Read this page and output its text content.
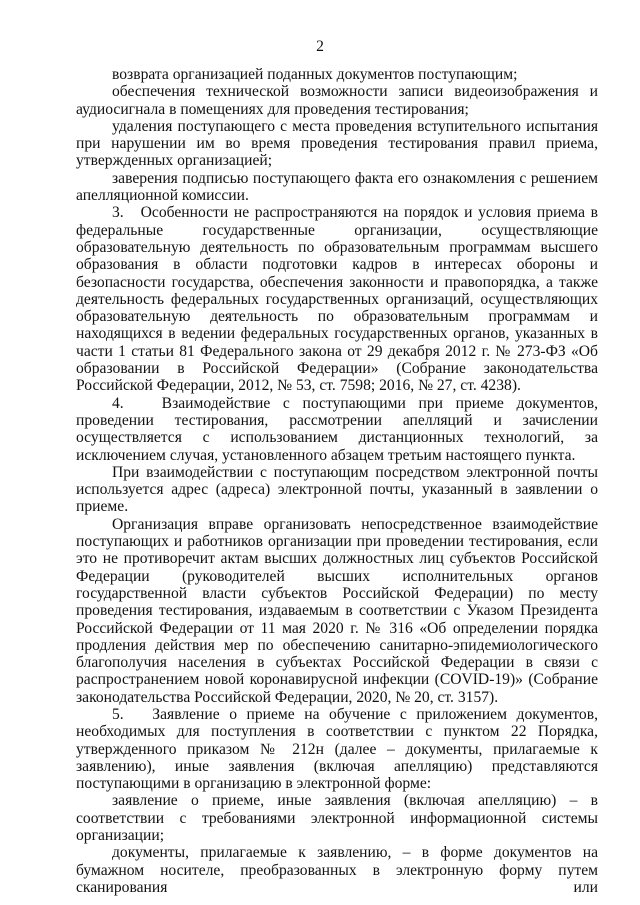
2

возврата организацией поданных документов поступающим;

обеспечения технической возможности записи видеоизображения и аудиосигнала в помещениях для проведения тестирования;

удаления поступающего с места проведения вступительного испытания при нарушении им во время проведения тестирования правил приема, утвержденных организацией;

заверения подписью поступающего факта его ознакомления с решением апелляционной комиссии.

3.   Особенности не распространяются на порядок и условия приема в федеральные государственные организации, осуществляющие образовательную деятельность по образовательным программам высшего образования в области подготовки кадров в интересах обороны и безопасности государства, обеспечения законности и правопорядка, а также деятельность федеральных государственных организаций, осуществляющих образовательную деятельность по образовательным программам и находящихся в ведении федеральных государственных органов, указанных в части 1 статьи 81 Федерального закона от 29 декабря 2012 г. № 273-ФЗ «Об образовании в Российской Федерации» (Собрание законодательства Российской Федерации, 2012, № 53, ст. 7598; 2016, № 27, ст. 4238).

4.   Взаимодействие с поступающими при приеме документов, проведении тестирования, рассмотрении апелляций и зачислении осуществляется с использованием дистанционных технологий, за исключением случая, установленного абзацем третьим настоящего пункта.

При взаимодействии с поступающим посредством электронной почты используется адрес (адреса) электронной почты, указанный в заявлении о приеме.

Организация вправе организовать непосредственное взаимодействие поступающих и работников организации при проведении тестирования, если это не противоречит актам высших должностных лиц субъектов Российской Федерации (руководителей высших исполнительных органов государственной власти субъектов Российской Федерации) по месту проведения тестирования, издаваемым в соответствии с Указом Президента Российской Федерации от 11 мая 2020 г. № 316 «Об определении порядка продления действия мер по обеспечению санитарно-эпидемиологического благополучия населения в субъектах Российской Федерации в связи с распространением новой коронавирусной инфекции (COVID-19)» (Собрание законодательства Российской Федерации, 2020, № 20, ст. 3157).

5.   Заявление о приеме на обучение с приложением документов, необходимых для поступления в соответствии с пунктом 22 Порядка, утвержденного приказом № 212н (далее – документы, прилагаемые к заявлению), иные заявления (включая апелляцию) представляются поступающими в организацию в электронной форме:

заявление о приеме, иные заявления (включая апелляцию) – в соответствии с требованиями электронной информационной системы организации;

документы, прилагаемые к заявлению, – в форме документов на бумажном носителе, преобразованных в электронную форму путем сканирования или
